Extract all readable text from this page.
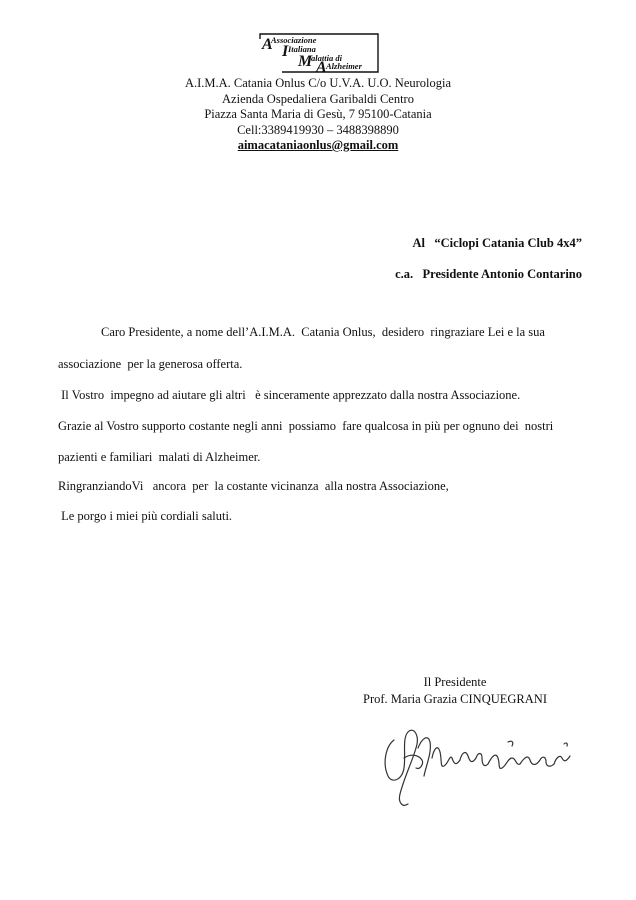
A
Associazione
I Italiana
M
alattia di
A Alzheimer
A.I.M.A. Catania Onlus C/o U.V.A. U.O. Neurologia
Azienda Ospedaliera Garibaldi Centro
Piazza Santa Maria di Gesù, 7 95100-Catania
Cell:3389419930 – 3488398890
aimacataniaonlus@gmail.com
Al   “Ciclopi Catania Club 4x4”
c.a.   Presidente Antonio Contarino
Caro Presidente, a nome dell’A.I.M.A.  Catania Onlus,  desidero  ringraziare Lei e la sua
associazione  per la generosa offerta.
Il Vostro  impegno ad aiutare gli altri   è sinceramente apprezzato dalla nostra Associazione.
Grazie al Vostro supporto costante negli anni  possiamo  fare qualcosa in più per ognuno dei  nostri
pazienti e familiari  malati di Alzheimer.
RingranziandoVi   ancora  per  la costante vicinanza  alla nostra Associazione,
Le porgo i miei più cordiali saluti.
Il Presidente
Prof. Maria Grazia CINQUEGRANI
